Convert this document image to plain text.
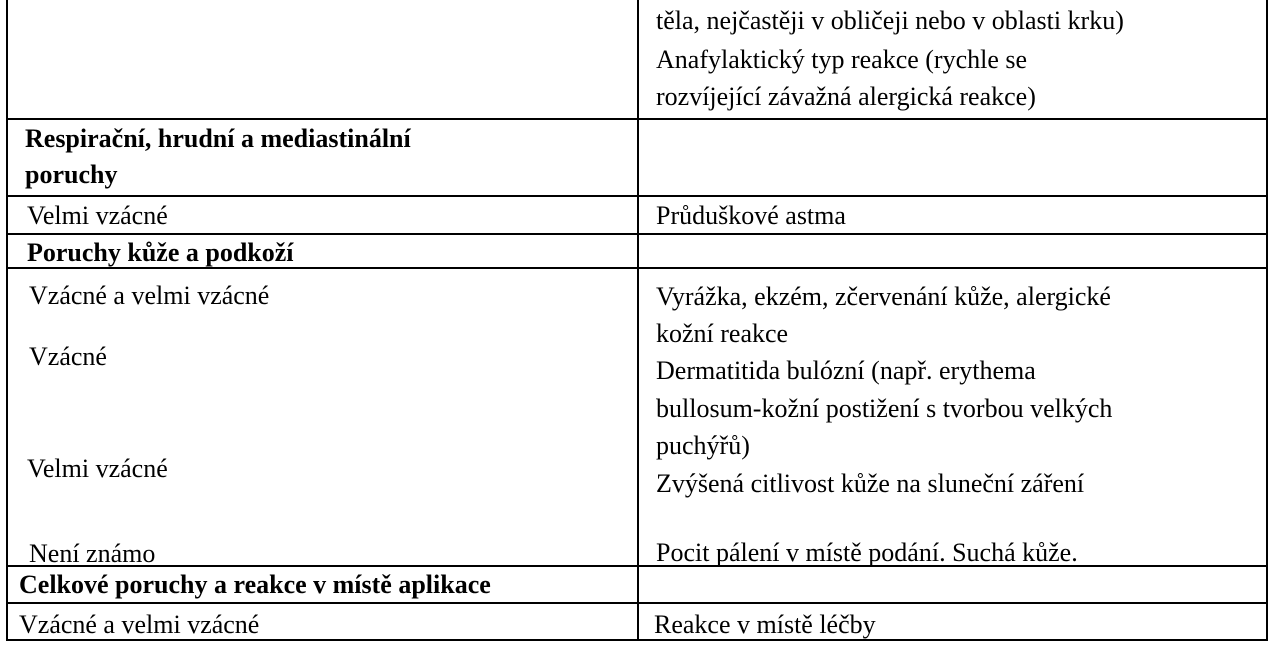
těla, nejčastěji v obličeji nebo v oblasti krku)
Anafylaktický typ reakce (rychle se
rozvíjející závažná alergická reakce)
Respirační, hrudní a mediastinální
poruchy
Velmi vzácné	Průduškové astma
Poruchy kůže a podkoží
Vzácné a velmi vzácné
Vzácné
Velmi vzácné
Není známo
Vyrážka, ekzém, zčervenání kůže, alergické
kožní reakce
Dermatitida bulózní (např. erythema
bullosum-kožní postižení s tvorbou velkých
puchýřů)
Zvýšená citlivost kůže na sluneční záření
Pocit pálení v místě podání. Suchá kůže.
Celkové poruchy a reakce v místě aplikace
Vzácné a velmi vzácné	Reakce v místě léčby
